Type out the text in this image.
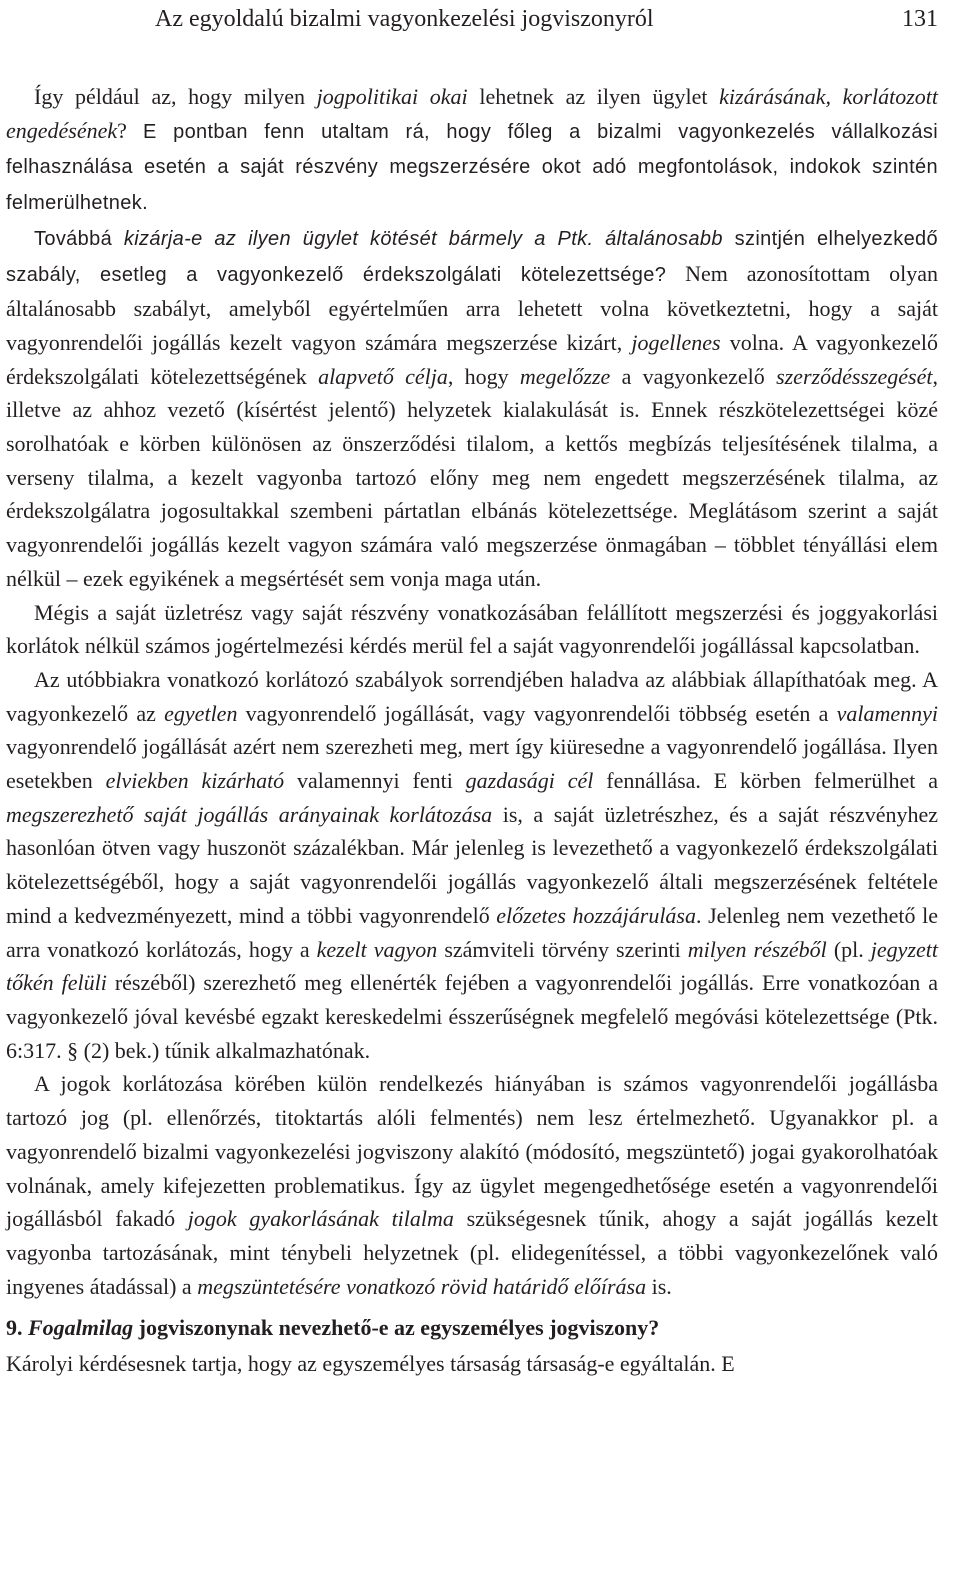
Az egyoldalú bizalmi vagyonkezelési jogviszonyról	131

Így például az, hogy milyen jogpolitikai okai lehetnek az ilyen ügylet kizárásának, korlátozott engedésének? E pontban fenn utaltam rá, hogy főleg a bizalmi vagyonkezelés vállalkozási felhasználása esetén a saját részvény megszerzésére okot adó megfontolások, indokok szintén felmerülhetnek.

Továbbá kizárja-e az ilyen ügylet kötését bármely a Ptk. általánosabb szintjén elhelyezkedő szabály, esetleg a vagyonkezelő érdekszolgálati kötelezettsége? Nem azonosítottam olyan általánosabb szabályt, amelyből egyértelműen arra lehetett volna következtetni, hogy a saját vagyonrendelői jogállás kezelt vagyon számára megszerzése kizárt, jogellenes volna. A vagyonkezelő érdekszolgálati kötelezettségének alapvető célja, hogy megelőzze a vagyonkezelő szerződésszegését, illetve az ahhoz vezető (kísértést jelentő) helyzetek kialakulását is. Ennek részkötelezettségei közé sorolhatóak e körben különösen az önszerződési tilalom, a kettős megbízás teljesítésének tilalma, a verseny tilalma, a kezelt vagyonba tartozó előny meg nem engedett megszerzésének tilalma, az érdekszolgálatra jogosultakkal szembeni pártatlan elbánás kötelezettsége. Meglátásom szerint a saját vagyonrendelői jogállás kezelt vagyon számára való megszerzése önmagában – többlet tényállási elem nélkül – ezek egyikének a megsértését sem vonja maga után.

Mégis a saját üzletrész vagy saját részvény vonatkozásában felállított megszerzési és joggyakorlási korlátok nélkül számos jogértelmezési kérdés merül fel a saját vagyonrendelői jogállással kapcsolatban.

Az utóbbiakra vonatkozó korlátozó szabályok sorrendjében haladva az alábbiak állapíthatóak meg. A vagyonkezelő az egyetlen vagyonrendelő jogállását, vagy vagyonrendelői többség esetén a valamennyi vagyonrendelő jogállását azért nem szerezheti meg, mert így kiüresedne a vagyonrendelő jogállása. Ilyen esetekben elviekben kizárható valamennyi fenti gazdasági cél fennállása. E körben felmerülhet a megszerezhető saját jogállás arányainak korlátozása is, a saját üzletrészhez, és a saját részvényhez hasonlóan ötven vagy huszonöt százalékban. Már jelenleg is levezethető a vagyonkezelő érdekszolgálati kötelezettségéből, hogy a saját vagyonrendelői jogállás vagyonkezelő általi megszerzésének feltétele mind a kedvezményezett, mind a többi vagyonrendelő előzetes hozzájárulása. Jelenleg nem vezethető le arra vonatkozó korlátozás, hogy a kezelt vagyon számviteli törvény szerinti milyen részéből (pl. jegyzett tőkén felüli részéből) szerezhető meg ellenérték fejében a vagyonrendelői jogállás. Erre vonatkozóan a vagyonkezelő jóval kevésbé egzakt kereskedelmi ésszerűségnek megfelelő megóvási kötelezettsége (Ptk. 6:317. § (2) bek.) tűnik alkalmazhatónak.

A jogok korlátozása körében külön rendelkezés hiányában is számos vagyonrendelői jogállásba tartozó jog (pl. ellenőrzés, titoktartás alóli felmentés) nem lesz értelmezhető. Ugyanakkor pl. a vagyonrendelő bizalmi vagyonkezelési jogviszony alakító (módosító, megszüntető) jogai gyakorolhatóak volnának, amely kifejezetten problematikus. Így az ügylet megengedhetősége esetén a vagyonrendelői jogállásból fakadó jogok gyakorlásának tilalma szükségesnek tűnik, ahogy a saját jogállás kezelt vagyonba tartozásának, mint ténybeli helyzetnek (pl. elidegenítéssel, a többi vagyonkezelőnek való ingyenes átadással) a megszüntetésére vonatkozó rövid határidő előírása is.

9. Fogalmilag jogviszonynak nevezhető-e az egyszemélyes jogviszony?

Károlyi kérdésesnek tartja, hogy az egyszemélyes társaság társaság-e egyáltalán. E
